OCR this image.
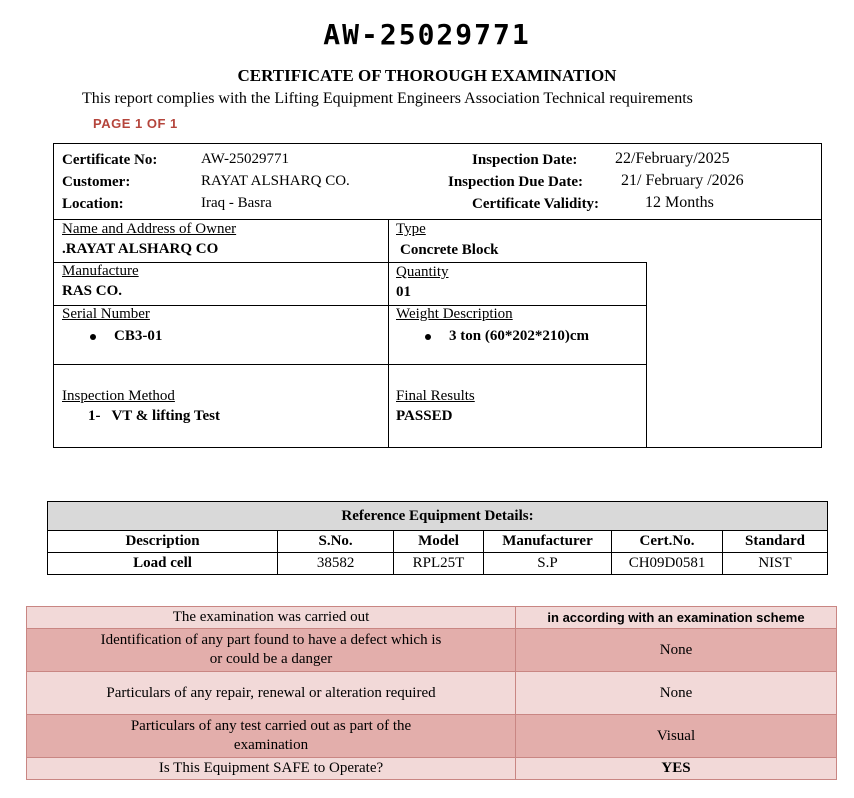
AW-25029771
CERTIFICATE OF THOROUGH EXAMINATION
This report complies with the Lifting Equipment Engineers Association Technical requirements
PAGE 1 OF 1
Certificate No:	AW-25029771
Customer:	RAYAT ALSHARQ CO.
Location:	Iraq - Basra
Inspection Date: 22/February/2025
Inspection Due Date: 21/ February /2026
Certificate Validity:	12 Months
Name and Address of Owner
.RAYAT ALSHARQ CO
Type
Concrete Block
Manufacture
RAS CO.
Quantity
01
Serial Number
CB3-01
Weight Description
3 ton (60*202*210)cm
Inspection Method
1-   VT & lifting Test
Final Results
PASSED
Reference Equipment Details:					
Description	S.No.	Model	Manufacturer	Cert.No.	Standard
Load cell	38582	RPL25T	S.P	CH09D0581	NIST
The examination was carried out	in according with an examination scheme
Identification of any part found to have a defect which is or could be a danger	None
Particulars of any repair, renewal or alteration required	None
Particulars of any test carried out as part of the examination	Visual
Is This Equipment SAFE to Operate?	YES
